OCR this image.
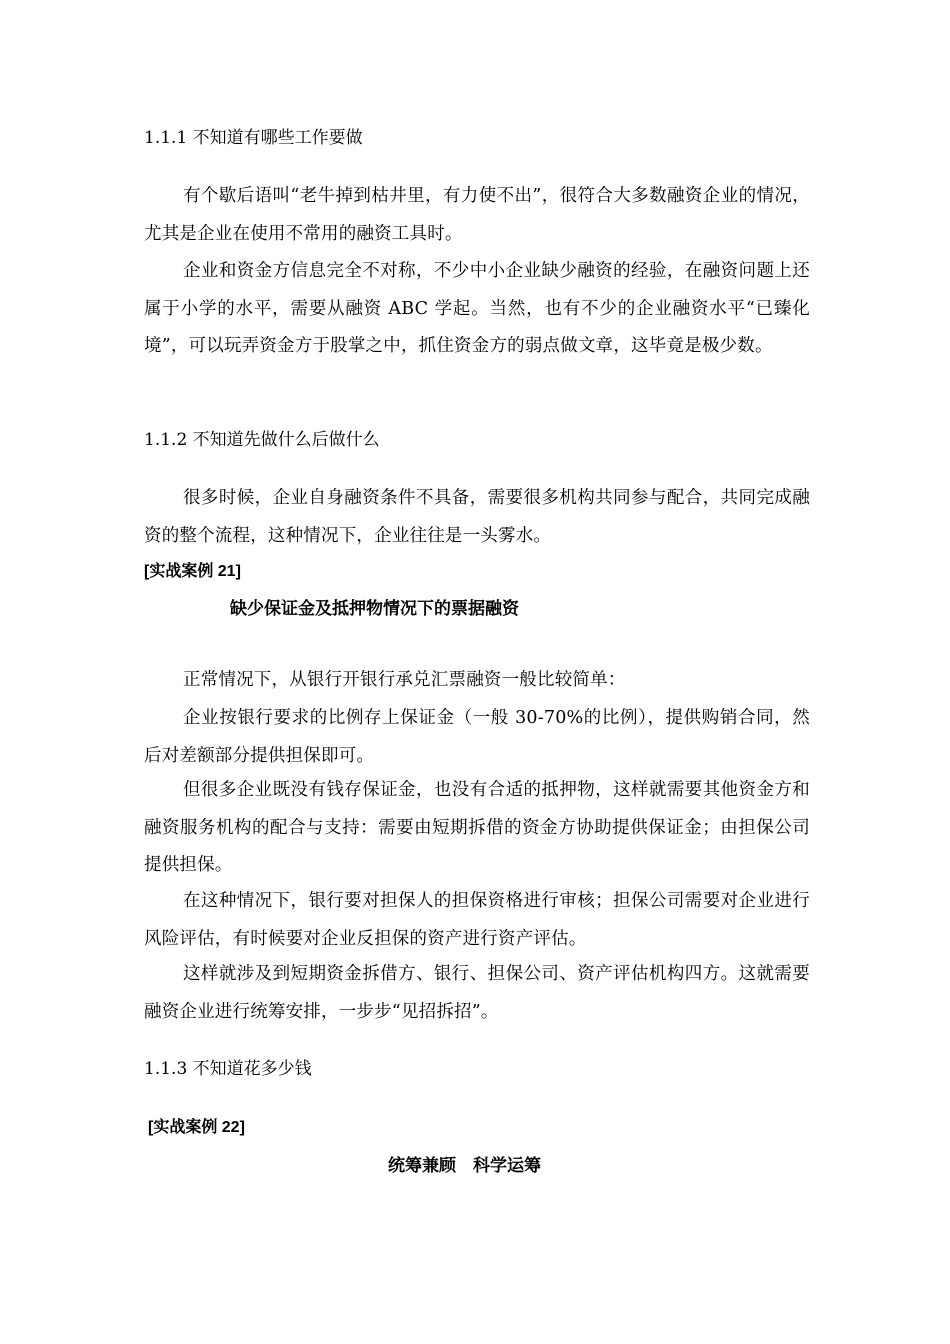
1.1.1 不知道有哪些工作要做

有个歇后语叫“老牛掉到枯井里，有力使不出”，很符合大多数融资企业的情况，尤其是企业在使用不常用的融资工具时。

企业和资金方信息完全不对称，不少中小企业缺少融资的经验，在融资问题上还属于小学的水平，需要从融资 ABC 学起。当然，也有不少的企业融资水平“已臻化境”，可以玩弄资金方于股掌之中，抓住资金方的弱点做文章，这毕竟是极少数。

1.1.2 不知道先做什么后做什么

很多时候，企业自身融资条件不具备，需要很多机构共同参与配合，共同完成融资的整个流程，这种情况下，企业往往是一头雾水。

[实战案例 21]

缺少保证金及抵押物情况下的票据融资

正常情况下，从银行开银行承兑汇票融资一般比较简单：

企业按银行要求的比例存上保证金（一般 30-70%的比例），提供购销合同，然后对差额部分提供担保即可。

但很多企业既没有钱存保证金，也没有合适的抵押物，这样就需要其他资金方和融资服务机构的配合与支持：需要由短期拆借的资金方协助提供保证金；由担保公司提供担保。

在这种情况下，银行要对担保人的担保资格进行审核；担保公司需要对企业进行风险评估，有时候要对企业反担保的资产进行资产评估。

这样就涉及到短期资金拆借方、银行、担保公司、资产评估机构四方。这就需要融资企业进行统筹安排，一步步“见招拆招”。

1.1.3 不知道花多少钱

[实战案例 22]

统筹兼顾　科学运筹
